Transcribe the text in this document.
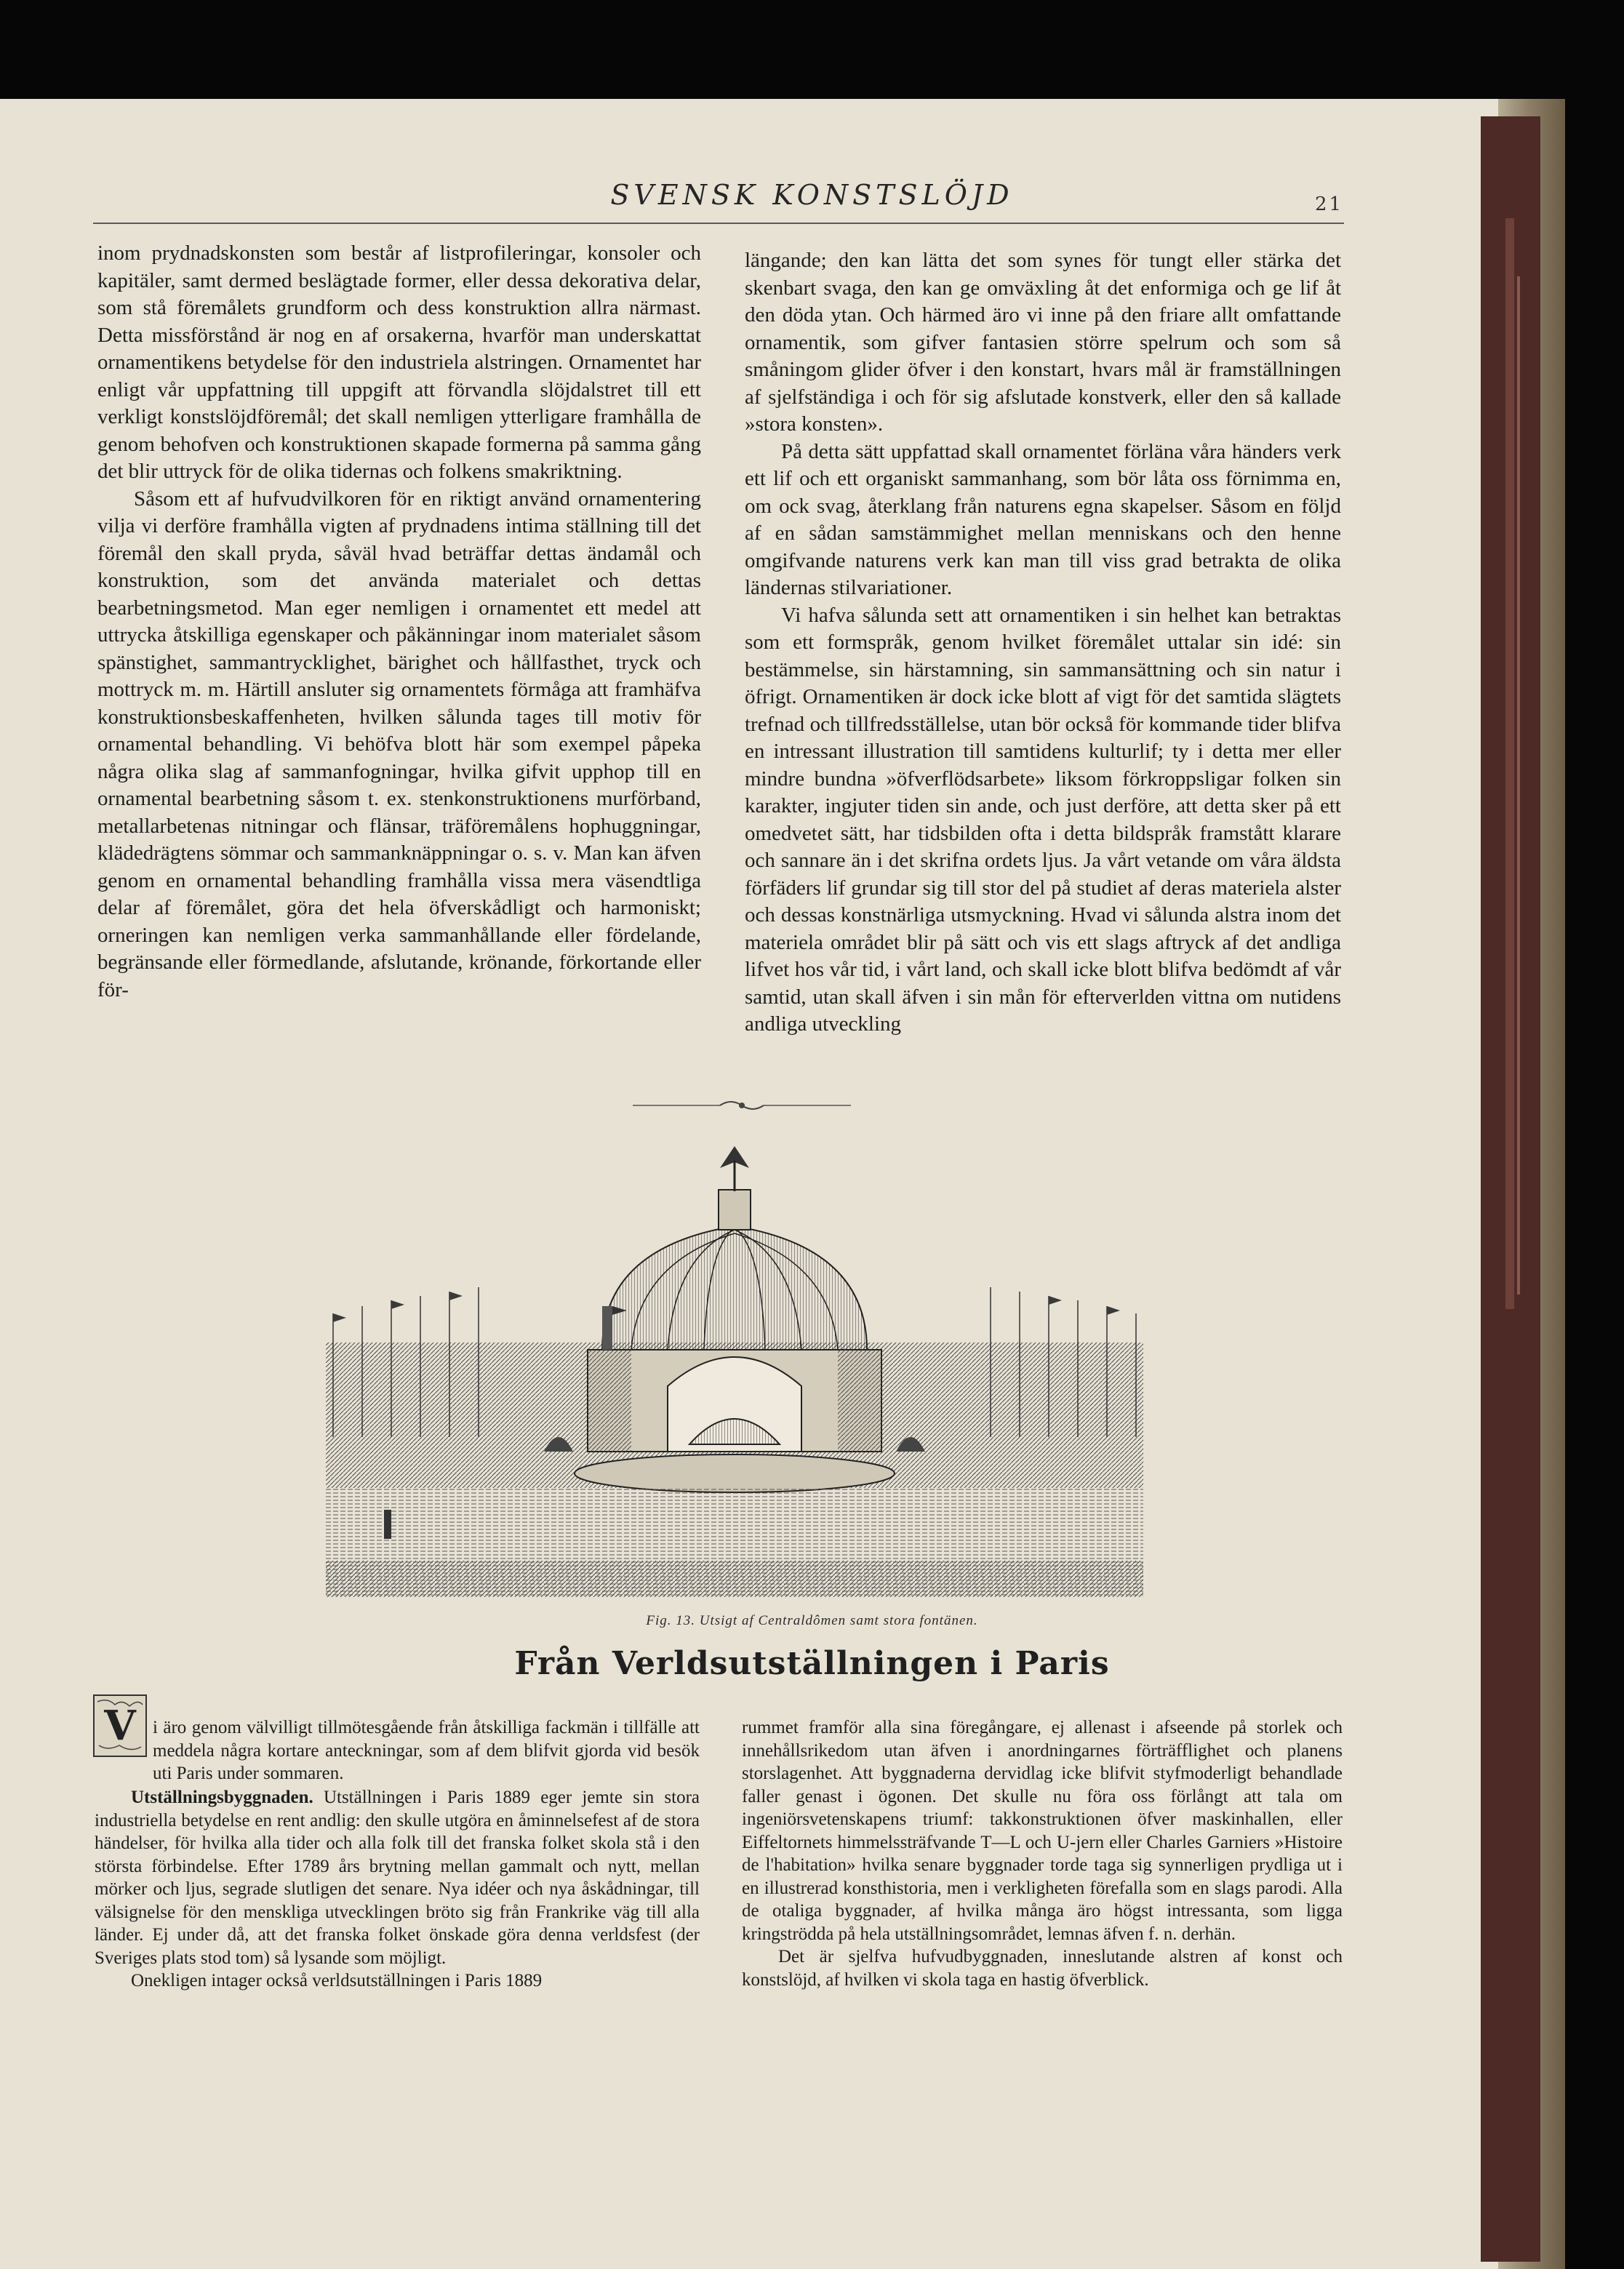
SVENSK KONSTSLÖJD	21

inom prydnadskonsten som består af listprofileringar, konsoler och kapitäler, samt dermed beslägtade former, eller dessa dekorativa delar, som stå föremålets grundform och dess konstruktion allra närmast. Detta missförstånd är nog en af orsakerna, hvarför man underskattat ornamentikens betydelse för den industriela alstringen. Ornamentet har enligt vår uppfattning till uppgift att förvandla slöjdalstret till ett verkligt konstslöjdföremål; det skall nemligen ytterligare framhålla de genom behofven och konstruktionen skapade formerna på samma gång det blir uttryck för de olika tidernas och folkens smakriktning.

Såsom ett af hufvudvilkoren för en riktigt använd ornamentering vilja vi derföre framhålla vigten af prydnadens intima ställning till det föremål den skall pryda, såväl hvad beträffar dettas ändamål och konstruktion, som det använda materialet och dettas bearbetningsmetod. Man eger nemligen i ornamentet ett medel att uttrycka åtskilliga egenskaper och påkänningar inom materialet såsom spänstighet, sammantrycklighet, bärighet och hållfasthet, tryck och mottryck m. m. Härtill ansluter sig ornamentets förmåga att framhäfva konstruktionsbeskaffenheten, hvilken sålunda tages till motiv för ornamental behandling. Vi behöfva blott här som exempel påpeka några olika slag af sammanfogningar, hvilka gifvit upphop till en ornamental bearbetning såsom t. ex. stenkonstruktionens murförband, metallarbetenas nitningar och flänsar, träföremålens hophuggningar, klädedrägtens sömmar och sammanknäppningar o. s. v. Man kan äfven genom en ornamental behandling framhålla vissa mera väsendtliga delar af föremålet, göra det hela öfverskådligt och harmoniskt; orneringen kan nemligen verka sammanhållande eller fördelande, begränsande eller förmedlande, afslutande, krönande, förkortande eller för-

längande; den kan lätta det som synes för tungt eller stärka det skenbart svaga, den kan ge omväxling åt det enformiga och ge lif åt den döda ytan. Och härmed äro vi inne på den friare allt omfattande ornamentik, som gifver fantasien större spelrum och som så småningom glider öfver i den konstart, hvars mål är framställningen af sjelfständiga i och för sig afslutade konstverk, eller den så kallade »stora konsten».

På detta sätt uppfattad skall ornamentet förläna våra händers verk ett lif och ett organiskt sammanhang, som bör låta oss förnimma en, om ock svag, återklang från naturens egna skapelser. Såsom en följd af en sådan samstämmighet mellan menniskans och den henne omgifvande naturens verk kan man till viss grad betrakta de olika ländernas stilvariationer.

Vi hafva sålunda sett att ornamentiken i sin helhet kan betraktas som ett formspråk, genom hvilket föremålet uttalar sin idé: sin bestämmelse, sin härstamning, sin sammansättning och sin natur i öfrigt. Ornamentiken är dock icke blott af vigt för det samtida slägtets trefnad och tillfredsställelse, utan bör också för kommande tider blifva en intressant illustration till samtidens kulturlif; ty i detta mer eller mindre bundna »öfverflödsarbete» liksom förkroppsligar folken sin karakter, ingjuter tiden sin ande, och just derföre, att detta sker på ett omedvetet sätt, har tidsbilden ofta i detta bildspråk framstått klarare och sannare än i det skrifna ordets ljus. Ja vårt vetande om våra äldsta förfäders lif grundar sig till stor del på studiet af deras materiela alster och dessas konstnärliga utsmyckning. Hvad vi sålunda alstra inom det materiela området blir på sätt och vis ett slags aftryck af det andliga lifvet hos vår tid, i vårt land, och skall icke blott blifva bedömdt af vår samtid, utan skall äfven i sin mån för efterverlden vittna om nutidens andliga utveckling

Fig. 13. Utsigt af Centraldômen samt stora fontänen.
Från Verldsutställningen i Paris
V i äro genom välvilligt tillmötesgående från åtskilliga fackmän i tillfälle att meddela några kortare anteckningar, som af dem blifvit gjorda vid besök uti Paris under sommaren.

Utställningsbyggnaden. Utställningen i Paris 1889 eger jemte sin stora industriella betydelse en rent andlig: den skulle utgöra en åminnelsefest af de stora händelser, för hvilka alla tider och alla folk till det franska folket skola stå i den största förbindelse. Efter 1789 års brytning mellan gammalt och nytt, mellan mörker och ljus, segrade slutligen det senare. Nya idéer och nya åskådningar, till välsignelse för den menskliga utvecklingen bröto sig från Frankrike väg till alla länder. Ej under då, att det franska folket önskade göra denna verldsfest (der Sveriges plats stod tom) så lysande som möjligt.

Onekligen intager också verldsutställningen i Paris 1889

rummet framför alla sina föregångare, ej allenast i afseende på storlek och innehållsrikedom utan äfven i anordningarnes förträfflighet och planens storslagenhet. Att byggnaderna dervidlag icke blifvit styfmoderligt behandlade faller genast i ögonen. Det skulle nu föra oss förlångt att tala om ingeniörsvetenskapens triumf: takkonstruktionen öfver maskinhallen, eller Eiffeltornets himmelssträfvande T—L och U-jern eller Charles Garniers »Histoire de l'habitation» hvilka senare byggnader torde taga sig synnerligen prydliga ut i en illustrerad konsthistoria, men i verkligheten förefalla som en slags parodi. Alla de otaliga byggnader, af hvilka många äro högst intressanta, som ligga kringströdda på hela utställningsområdet, lemnas äfven f. n. derhän.

Det är sjelfva hufvudbyggnaden, inneslutande alstren af konst och konstslöjd, af hvilken vi skola taga en hastig öfverblick.
